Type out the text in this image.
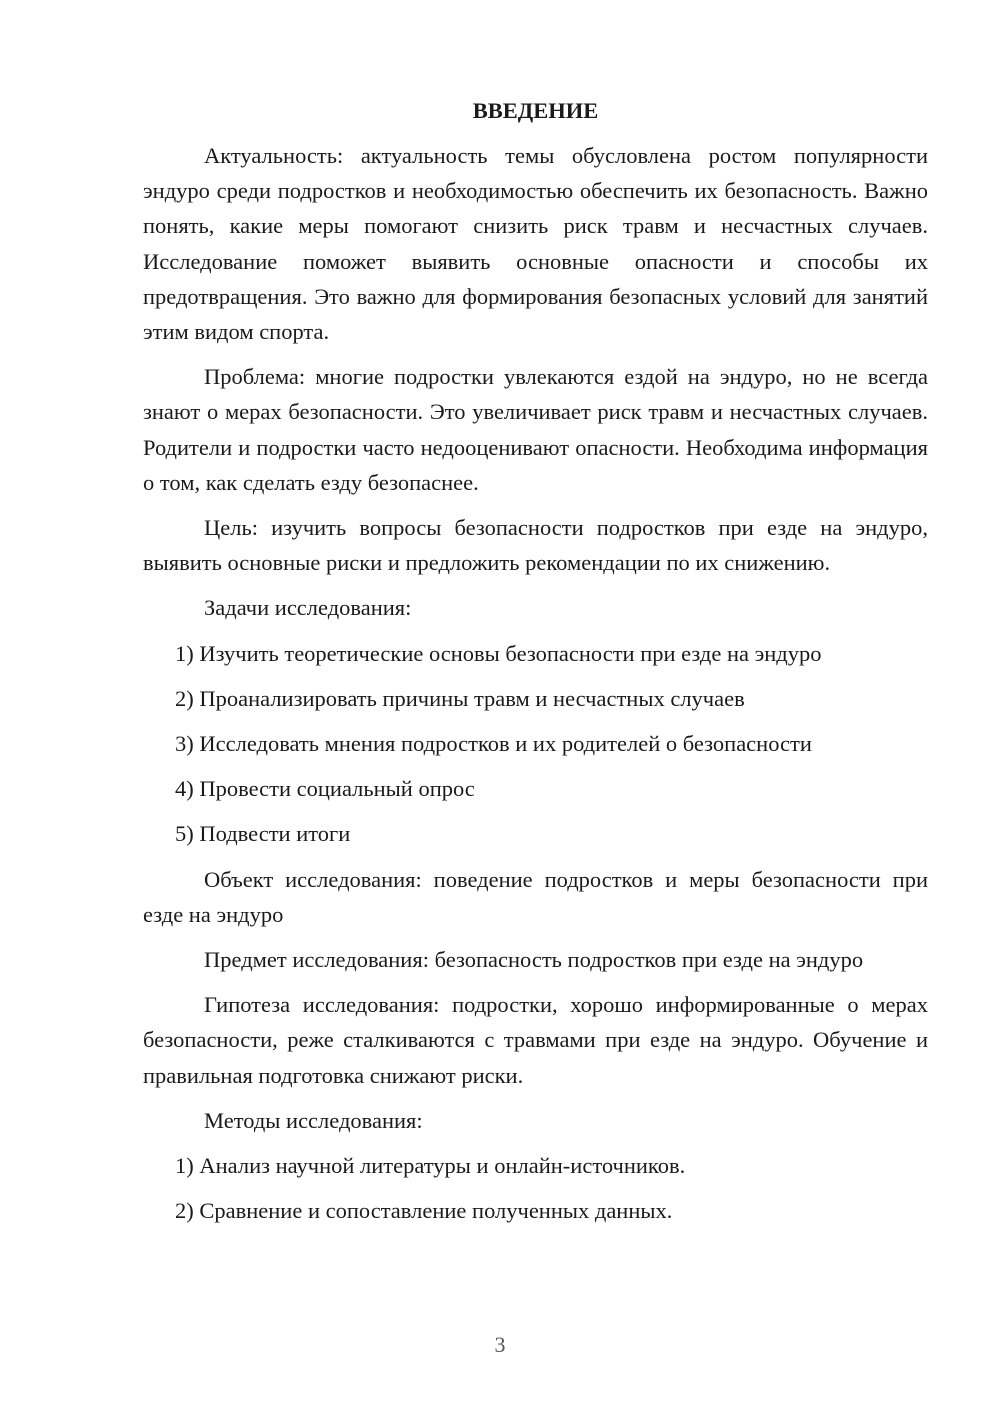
ВВЕДЕНИЕ

Актуальность: актуальность темы обусловлена ростом популярности эндуро среди подростков и необходимостью обеспечить их безопасность. Важно понять, какие меры помогают снизить риск травм и несчастных случаев. Исследование поможет выявить основные опасности и способы их предотвращения. Это важно для формирования безопасных условий для занятий этим видом спорта.

Проблема: многие подростки увлекаются ездой на эндуро, но не всегда знают о мерах безопасности. Это увеличивает риск травм и несчастных случаев. Родители и подростки часто недооценивают опасности. Необходима информация о том, как сделать езду безопаснее.

Цель: изучить вопросы безопасности подростков при езде на эндуро, выявить основные риски и предложить рекомендации по их снижению.

Задачи исследования:

1) Изучить теоретические основы безопасности при езде на эндуро

2) Проанализировать причины травм и несчастных случаев

3) Исследовать мнения подростков и их родителей о безопасности

4) Провести социальный опрос

5) Подвести итоги

Объект исследования: поведение подростков и меры безопасности при езде на эндуро

Предмет исследования: безопасность подростков при езде на эндуро

Гипотеза исследования: подростки, хорошо информированные о мерах безопасности, реже сталкиваются с травмами при езде на эндуро. Обучение и правильная подготовка снижают риски.

Методы исследования:

1) Анализ научной литературы и онлайн-источников.

2) Сравнение и сопоставление полученных данных.

3
